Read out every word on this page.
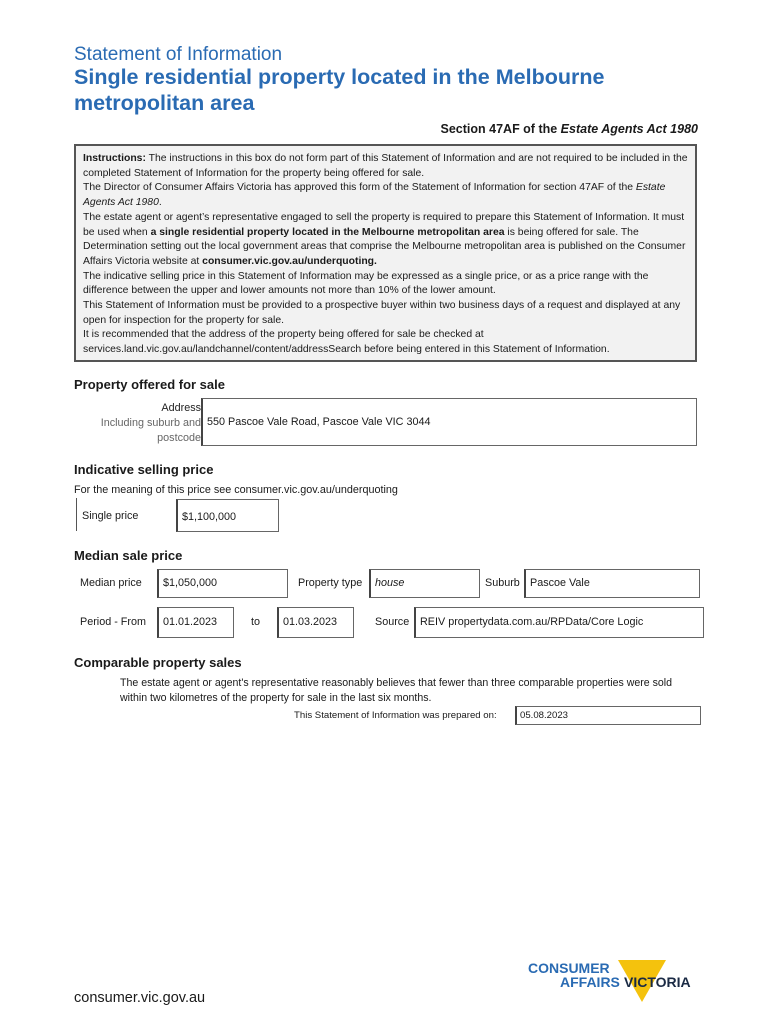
Statement of Information
Single residential property located in the Melbourne metropolitan area
Section 47AF of the Estate Agents Act 1980

Instructions: The instructions in this box do not form part of this Statement of Information and are not required to be included in the completed Statement of Information for the property being offered for sale.

The Director of Consumer Affairs Victoria has approved this form of the Statement of Information for section 47AF of the Estate Agents Act 1980.

The estate agent or agent’s representative engaged to sell the property is required to prepare this Statement of Information. It must be used when a single residential property located in the Melbourne metropolitan area is being offered for sale. The Determination setting out the local government areas that comprise the Melbourne metropolitan area is published on the Consumer Affairs Victoria website at consumer.vic.gov.au/underquoting.

The indicative selling price in this Statement of Information may be expressed as a single price, or as a price range with the difference between the upper and lower amounts not more than 10% of the lower amount.

This Statement of Information must be provided to a prospective buyer within two business days of a request and displayed at any open for inspection for the property for sale.

It is recommended that the address of the property being offered for sale be checked at services.land.vic.gov.au/landchannel/content/addressSearch before being entered in this Statement of Information.

Property offered for sale
Address
Including suburb and
postcode
550 Pascoe Vale Road, Pascoe Vale VIC 3044
Indicative selling price
For the meaning of this price see consumer.vic.gov.au/underquoting
Single price	$1,100,000
Median sale price
Median price	$1,050,000	Property type	house	Suburb Pascoe Vale
Period - From	01.01.2023	to	01.03.2023	Source REIV propertydata.com.au/RPData/Core Logic
Comparable property sales
The estate agent or agent's representative reasonably believes that fewer than three comparable properties were sold within two kilometres of the property for sale in the last six months.
This Statement of Information was prepared on:	05.08.2023
consumer.vic.gov.au
CONSUMER
AFFAIRS VICTORIA
